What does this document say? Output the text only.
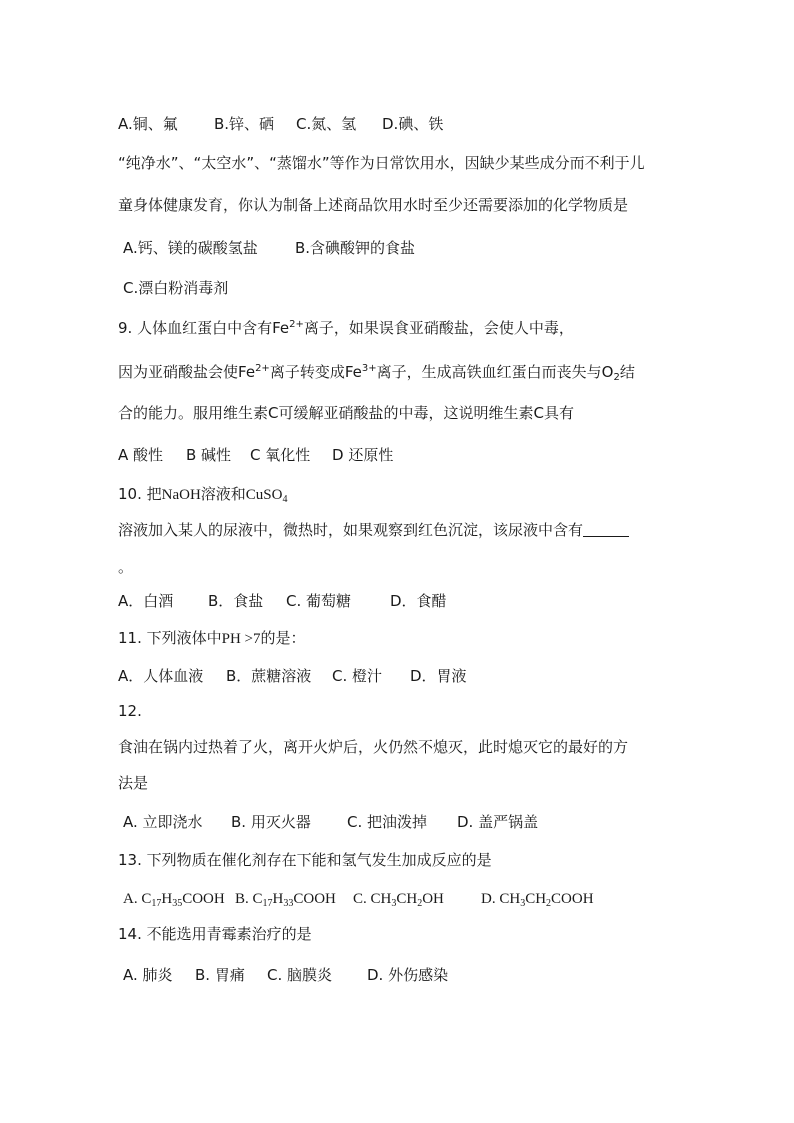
A.铜、氟 B.锌、硒 C.氮、氢 D.碘、铁
“纯净水”、“太空水”、“蒸馏水”等作为日常饮用水，因缺少某些成分而不利于儿
童身体健康发育，你认为制备上述商品饮用水时至少还需要添加的化学物质是
A.钙、镁的碳酸氢盐 B.含碘酸钾的食盐
C.漂白粉消毒剂
9. 人体血红蛋白中含有$Fe^{2+}$离子，如果误食亚硝酸盐，会使人中毒，
因为亚硝酸盐会使$Fe^{2+}$离子转变成$Fe^{3+}$离子，生成高铁血红蛋白而丧失与$O_2$结
合的能力。服用维生素C可缓解亚硝酸盐的中毒，这说明维生素C具有
A 酸性 B 碱性 C 氧化性 D 还原性
10. 把NaOH溶液和CuSO$_4$
溶液加入某人的尿液中，微热时，如果观察到红色沉淀，该尿液中含有
。
A．白酒 B．食盐 C. 葡萄糖	D．食醋
11. 下列液体中PH >7的是：
A．人体血液 B．蔗糖溶液 C. 橙汁 D．胃液
12.
食油在锅内过热着了火，离开火炉后，火仍然不熄灭，此时熄灭它的最好的方
法是
A. 立即浇水 B. 用灭火器 C. 把油泼掉 D. 盖严锅盖
13. 下列物质在催化剂存在下能和氢气发生加成反应的是
A. $C_{17}H_{35}COOH$ B. $C_{17}H_{33}COOH$ C. $CH_3CH_2OH$ D. $CH_3CH_2COOH$
14. 不能选用青霉素治疗的是
A. 肺炎 B. 胃痛 C. 脑膜炎 D. 外伤感染
